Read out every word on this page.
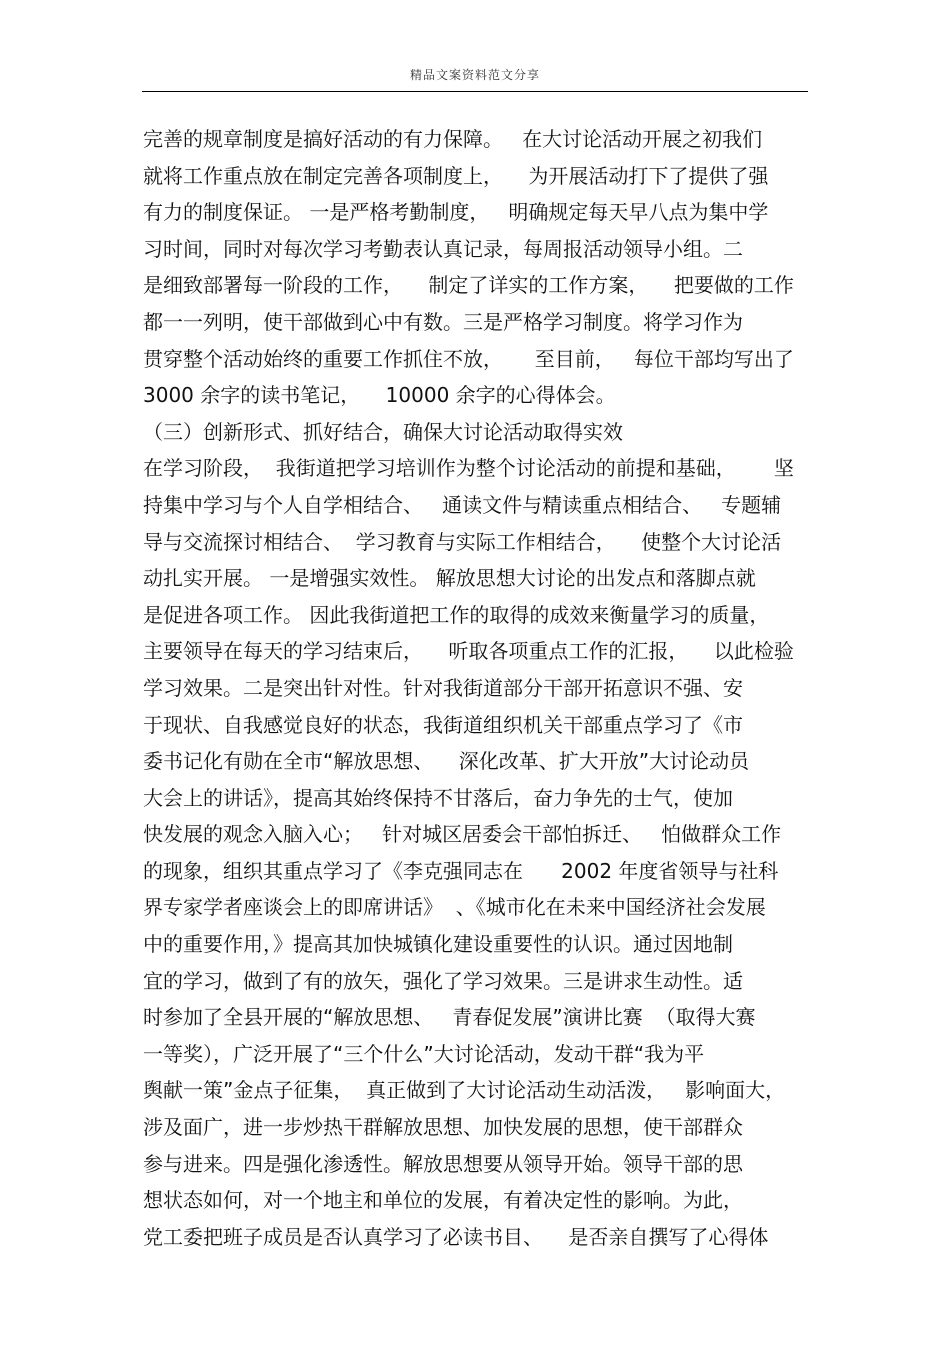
精品文案资料范文分享
完善的规章制度是搞好活动的有力保障。   在大讨论活动开展之初我们
就将工作重点放在制定完善各项制度上，    为开展活动打下了提供了强
有力的制度保证。 一是严格考勤制度，   明确规定每天早八点为集中学
习时间，同时对每次学习考勤表认真记录，每周报活动领导小组。二
是细致部署每一阶段的工作，    制定了详实的工作方案，    把要做的工作
都一一列明，使干部做到心中有数。三是严格学习制度。将学习作为
贯穿整个活动始终的重要工作抓住不放，     至目前，   每位干部均写出了
3000 余字的读书笔记，    10000 余字的心得体会。
（三）创新形式、抓好结合，确保大讨论活动取得实效
在学习阶段，  我街道把学习培训作为整个讨论活动的前提和基础，      坚
持集中学习与个人自学相结合、   通读文件与精读重点相结合、   专题辅
导与交流探讨相结合、  学习教育与实际工作相结合，    使整个大讨论活
动扎实开展。 一是增强实效性。 解放思想大讨论的出发点和落脚点就
是促进各项工作。 因此我街道把工作的取得的成效来衡量学习的质量，
主要领导在每天的学习结束后，    听取各项重点工作的汇报，    以此检验
学习效果。二是突出针对性。针对我街道部分干部开拓意识不强、安
于现状、自我感觉良好的状态，我街道组织机关干部重点学习了《市
委书记化有勋在全市“解放思想、    深化改革、扩大开放”大讨论动员
大会上的讲话》，提高其始终保持不甘落后，奋力争先的士气，使加
快发展的观念入脑入心；   针对城区居委会干部怕拆迁、   怕做群众工作
的现象，组织其重点学习了《李克强同志在      2002 年度省领导与社科
界专家学者座谈会上的即席讲话》  、《城市化在未来中国经济社会发展
中的重要作用，》提高其加快城镇化建设重要性的认识。通过因地制
宜的学习，做到了有的放矢，强化了学习效果。三是讲求生动性。适
时参加了全县开展的“解放思想、   青春促发展”演讲比赛  （取得大赛
一等奖），广泛开展了“三个什么”大讨论活动，发动干群“我为平
舆献一策”金点子征集，  真正做到了大讨论活动生动活泼，   影响面大，
涉及面广，进一步炒热干群解放思想、加快发展的思想，使干部群众
参与进来。四是强化渗透性。解放思想要从领导开始。领导干部的思
想状态如何，对一个地主和单位的发展，有着决定性的影响。为此，
党工委把班子成员是否认真学习了必读书目、    是否亲自撰写了心得体
